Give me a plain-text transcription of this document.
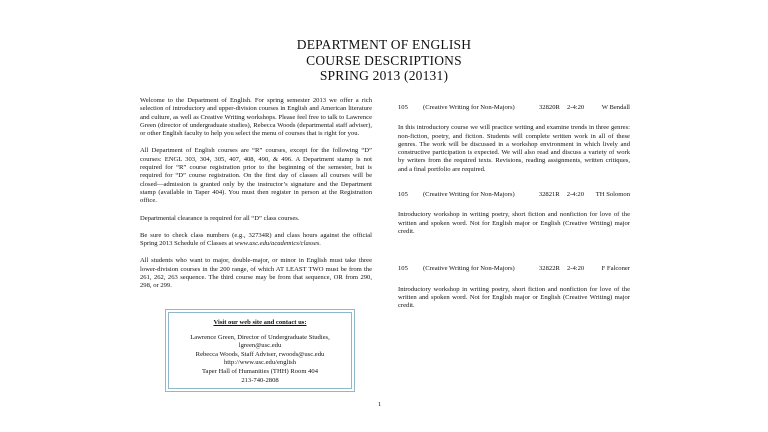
DEPARTMENT OF ENGLISH
COURSE DESCRIPTIONS
SPRING 2013 (20131)

Welcome to the Department of English. For spring semester 2013 we offer a rich selection of introductory and upper-division courses in English and American literature and culture, as well as Creative Writing workshops. Please feel free to talk to Lawrence Green (director of undergraduate studies), Rebecca Woods (departmental staff adviser), or other English faculty to help you select the menu of courses that is right for you.

All Department of English courses are “R” courses, except for the following “D” courses: ENGL 303, 304, 305, 407, 408, 490, & 496. A Department stamp is not required for “R” course registration prior to the beginning of the semester, but is required for “D” course registration. On the first day of classes all courses will be closed—admission is granted only by the instructor’s signature and the Department stamp (available in Taper 404). You must then register in person at the Registration office.

Departmental clearance is required for all “D” class courses.

Be sure to check class numbers (e.g., 32734R) and class hours against the official Spring 2013 Schedule of Classes at www.usc.edu/academics/classes.

All students who want to major, double-major, or minor in English must take three lower-division courses in the 200 range, of which AT LEAST TWO must be from the 261, 262, 263 sequence. The third course may be from that sequence, OR from 290, 298, or 299.

Visit our web site and contact us:
Lawrence Green, Director of Undergraduate Studies,
lgreen@usc.edu
Rebecca Woods, Staff Adviser, rwoods@usc.edu
http://www.usc.edu/english
Taper Hall of Humanities (THH) Room 404
213-740-2808
105	(Creative Writing for Non-Majors)	32820R	2-4:20	W Bendall

In this introductory course we will practice writing and examine trends in three genres: non-fiction, poetry, and fiction. Students will complete written work in all of these genres. The work will be discussed in a workshop environment in which lively and constructive participation is expected. We will also read and discuss a variety of work by writers from the required texts. Revisions, reading assignments, written critiques, and a final portfolio are required.

105	(Creative Writing for Non-Majors)	32821R	2-4:20	TH Solomon

Introductory workshop in writing poetry, short fiction and nonfiction for love of the written and spoken word. Not for English major or English (Creative Writing) major credit.

105	(Creative Writing for Non-Majors)	32822R	2-4:20	F Falconer

Introductory workshop in writing poetry, short fiction and nonfiction for love of the written and spoken word. Not for English major or English (Creative Writing) major credit.

1
